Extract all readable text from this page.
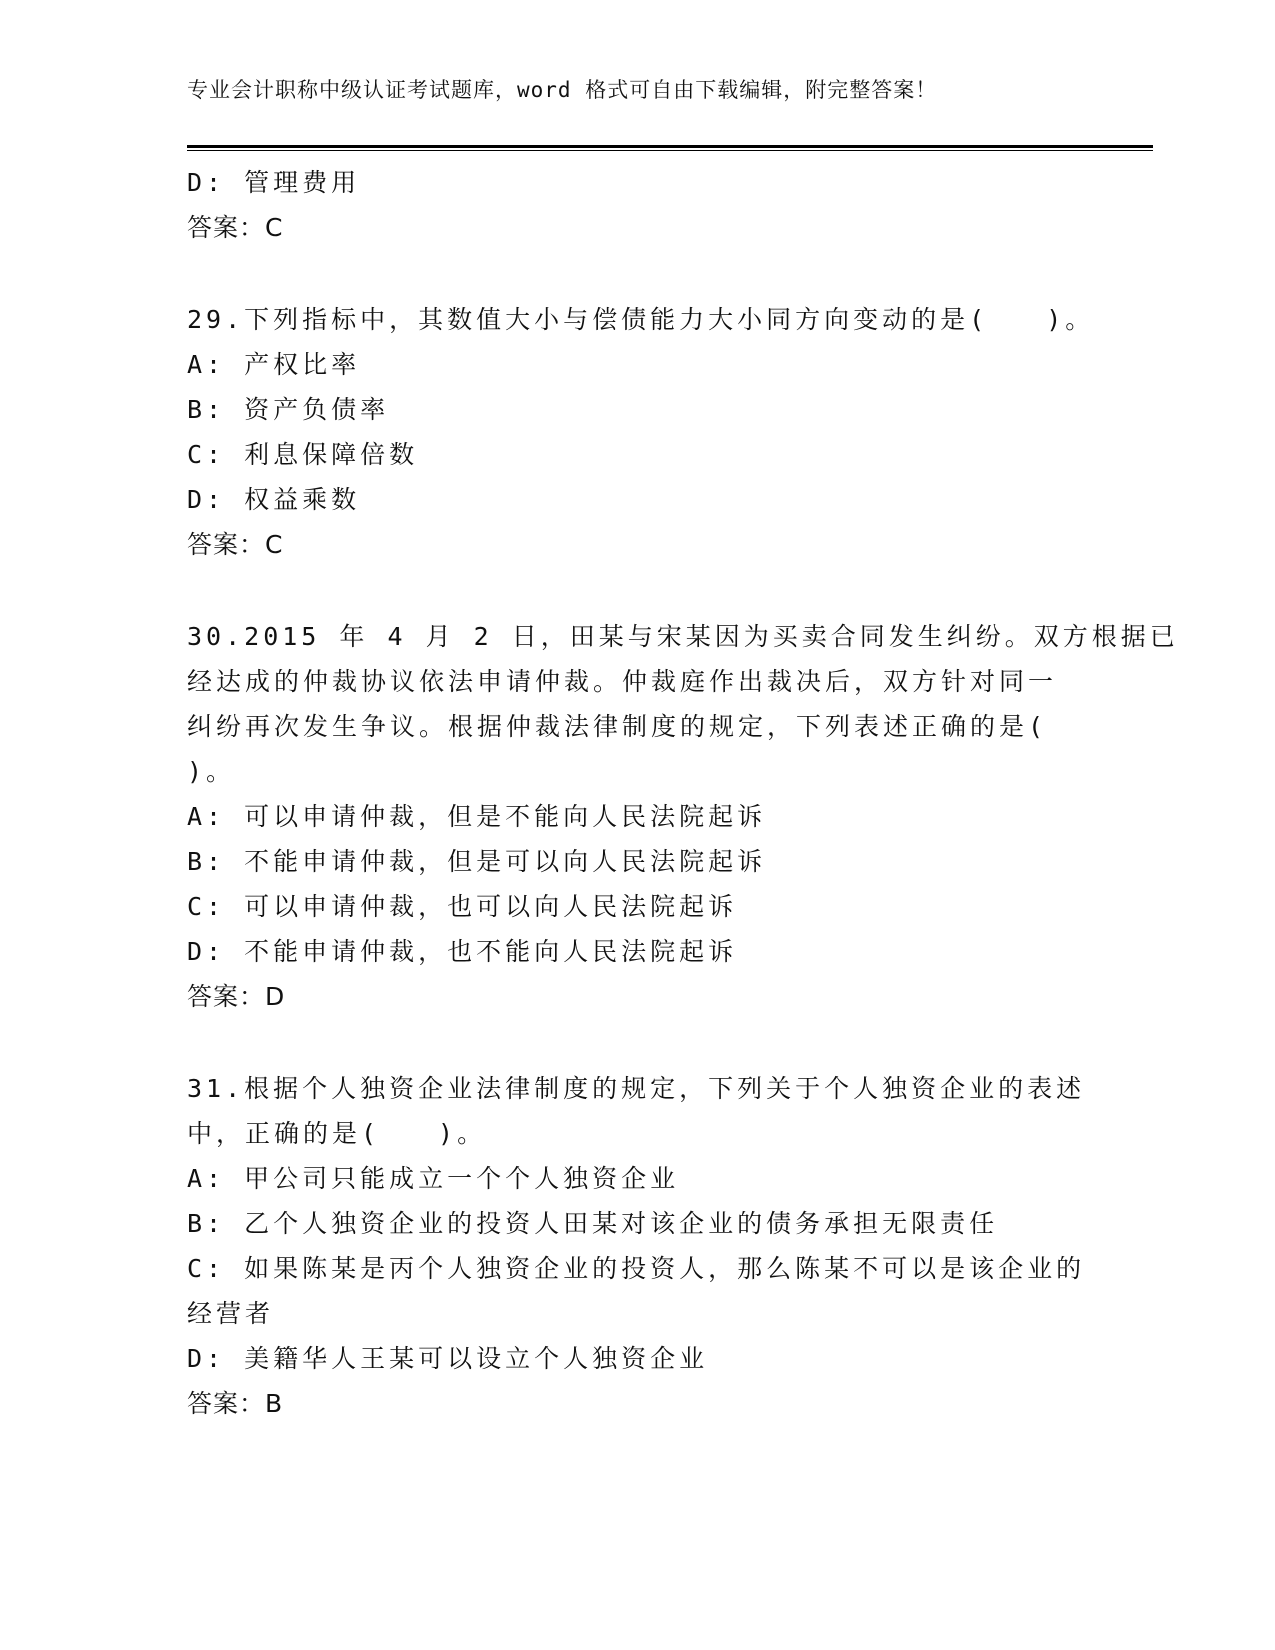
专业会计职称中级认证考试题库，word 格式可自由下载编辑，附完整答案！
D: 管理费用
答案：C
29.下列指标中，其数值大小与偿债能力大小同方向变动的是(　　)。
A: 产权比率
B: 资产负债率
C: 利息保障倍数
D: 权益乘数
答案：C
30.2015 年 4 月 2 日，田某与宋某因为买卖合同发生纠纷。双方根据已
经达成的仲裁协议依法申请仲裁。仲裁庭作出裁决后，双方针对同一
纠纷再次发生争议。根据仲裁法律制度的规定，下列表述正确的是(
)。
A: 可以申请仲裁，但是不能向人民法院起诉
B: 不能申请仲裁，但是可以向人民法院起诉
C: 可以申请仲裁，也可以向人民法院起诉
D: 不能申请仲裁，也不能向人民法院起诉
答案：D
31.根据个人独资企业法律制度的规定，下列关于个人独资企业的表述
中，正确的是(　　)。
A: 甲公司只能成立一个个人独资企业
B: 乙个人独资企业的投资人田某对该企业的债务承担无限责任
C: 如果陈某是丙个人独资企业的投资人，那么陈某不可以是该企业的
经营者
D: 美籍华人王某可以设立个人独资企业
答案：B
